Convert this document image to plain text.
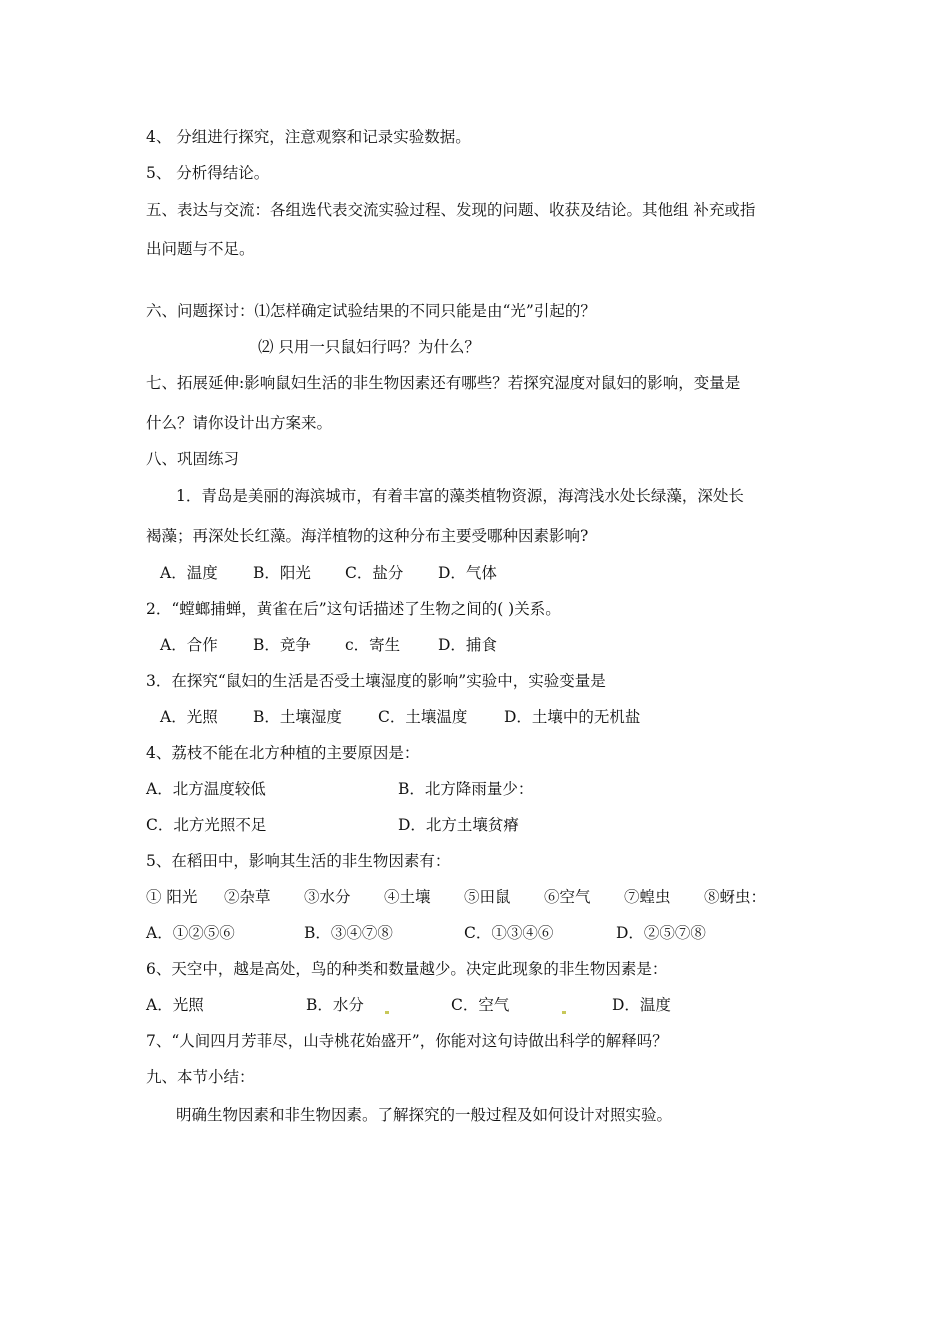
4、 分组进行探究，注意观察和记录实验数据。
5、 分析得结论。
五、表达与交流：各组选代表交流实验过程、发现的问题、收获及结论。其他组 补充或指
出问题与不足。
六、问题探讨：⑴怎样确定试验结果的不同只能是由“光”引起的？
⑵ 只用一只鼠妇行吗？为什么？
七、拓展延伸:影响鼠妇生活的非生物因素还有哪些？若探究湿度对鼠妇的影响，变量是
什么？请你设计出方案来。
八、巩固练习
1．青岛是美丽的海滨城市，有着丰富的藻类植物资源，海湾浅水处长绿藻，深处长
褐藻；再深处长红藻。海洋植物的这种分布主要受哪种因素影响?
A．温度 B．阳光 C．盐分 D．气体
2．“螳螂捕蝉，黄雀在后”这句话描述了生物之间的( )关系。
A．合作 B．竞争 c．寄生 D．捕食
3．在探究“鼠妇的生活是否受土壤湿度的影响”实验中，实验变量是
A．光照 B．土壤湿度 C．土壤温度 D．土壤中的无机盐
4、荔枝不能在北方种植的主要原因是：
A．北方温度较低	B．北方降雨量少：
C．北方光照不足	D．北方土壤贫瘠
5、在稻田中，影响其生活的非生物因素有：
① 阳光 ②杂草 ③水分 ④土壤 ⑤田鼠 ⑥空气 ⑦蝗虫 ⑧蚜虫：
A．①②⑤⑥	B．③④⑦⑧	C．①③④⑥	D．②⑤⑦⑧
6、天空中，越是高处，鸟的种类和数量越少。决定此现象的非生物因素是：
A．光照	B．水分	C．空气	D．温度
7、“人间四月芳菲尽，山寺桃花始盛开”，你能对这句诗做出科学的解释吗？
九、本节小结：
明确生物因素和非生物因素。了解探究的一般过程及如何设计对照实验。
